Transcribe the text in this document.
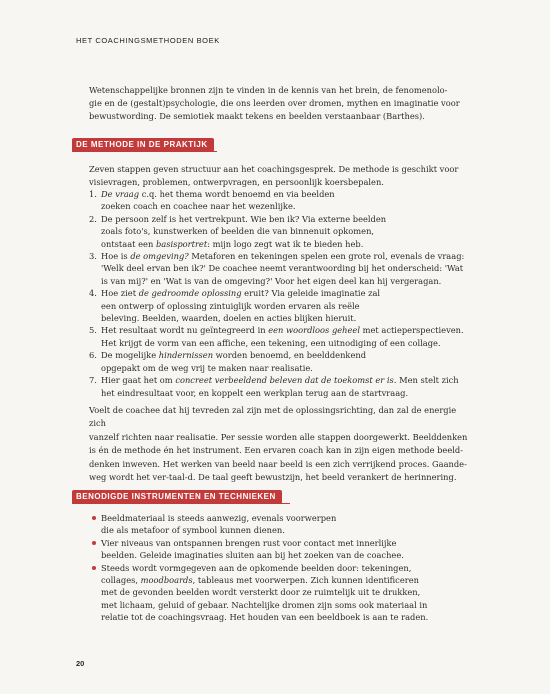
HET COACHINGSMETHODEN BOEK
Wetenschappelijke bronnen zijn te vinden in de kennis van het brein, de fenomenolo-
gie en de (gestalt)psychologie, die ons leerden over dromen, mythen en imaginatie voor
bewustwording. De semiotiek maakt tekens en beelden verstaanbaar (Barthes).
DE METHODE IN DE PRAKTIJK
Zeven stappen geven structuur aan het coachingsgesprek. De methode is geschikt voor
visievragen, problemen, ontwerpvragen, en persoonlijk koersbepalen.
1. De vraag c.q. het thema wordt benoemd en via beelden
zoeken coach en coachee naar het wezenlijke.
2. De persoon zelf is het vertrekpunt. Wie ben ik? Via externe beelden
zoals foto's, kunstwerken of beelden die van binnenuit opkomen,
ontstaat een basisportret: mijn logo zegt wat ik te bieden heb.
3. Hoe is de omgeving? Metaforen en tekeningen spelen een grote rol, evenals de vraag:
'Welk deel ervan ben ik?' De coachee neemt verantwoording bij het onderscheid: 'Wat
is van mij?' en 'Wat is van de omgeving?' Voor het eigen deel kan hij vergeragan.
4. Hoe ziet de gedroomde oplossing eruit? Via geleide imaginatie zal
een ontwerp of oplossing zintuiglijk worden ervaren als reële
beleving. Beelden, waarden, doelen en acties blijken hieruit.
5. Het resultaat wordt nu geïntegreerd in een woordloos geheel met actieperspectieven.
Het krijgt de vorm van een affiche, een tekening, een uitnodiging of een collage.
6. De mogelijke hindernissen worden benoemd, en beelddenkend
opgepakt om de weg vrij te maken naar realisatie.
7. Hier gaat het om concreet verbeeldend beleven dat de toekomst er is. Men stelt zich
het eindresultaat voor, en koppelt een werkplan terug aan de startvraag.
Voelt de coachee dat hij tevreden zal zijn met de oplossingsrichting, dan zal de energie zich
vanzelf richten naar realisatie. Per sessie worden alle stappen doorgewerkt. Beelddenken
is én de methode én het instrument. Een ervaren coach kan in zijn eigen methode beeld-
denken inweven. Het werken van beeld naar beeld is een zich verrijkend proces. Gaande-
weg wordt het ver-taal-d. De taal geeft bewustzijn, het beeld verankert de herinnering.
BENODIGDE INSTRUMENTEN EN TECHNIEKEN
Beeldmateriaal is steeds aanwezig, evenals voorwerpen
die als metafoor of symbool kunnen dienen.
Vier niveaus van ontspannen brengen rust voor contact met innerlijke
beelden. Geleide imaginaties sluiten aan bij het zoeken van de coachee.
Steeds wordt vormgegeven aan de opkomende beelden door: tekeningen,
collages, moodboards, tableaus met voorwerpen. Zich kunnen identificeren
met de gevonden beelden wordt versterkt door ze ruimtelijk uit te drukken,
met lichaam, geluid of gebaar. Nachtelijke dromen zijn soms ook materiaal in
relatie tot de coachingsvraag. Het houden van een beeldboek is aan te raden.
20
